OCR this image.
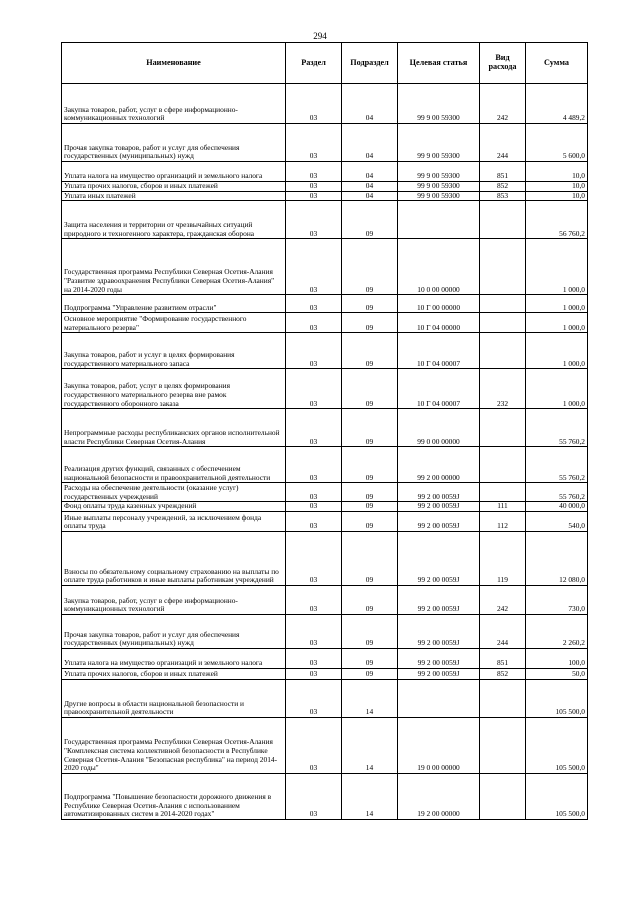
294
Наименование	Раздел	Подраздел	Целевая статья	Вид расхода	Сумма
Закупка товаров, работ, услуг в сфере информационно-коммуникационных технологий	03	04	99 9 00 59300	242	4 489,2
Прочая закупка товаров, работ и услуг для обеспечения государственных (муниципальных) нужд	03	04	99 9 00 59300	244	5 600,0
Уплата налога на имущество организаций и земельного налога	03	04	99 9 00 59300	851	10,0
Уплата прочих налогов, сборов и иных платежей	03	04	99 9 00 59300	852	10,0
Уплата иных платежей	03	04	99 9 00 59300	853	10,0
Защита населения и территории от чрезвычайных ситуаций природного и техногенного характера, гражданская оборона	03	09			56 760,2
Государственная программа Республики Северная Осетия-Алания "Развитие здравоохранения Республики Северная Осетия-Алания" на 2014-2020 годы	03	09	10 0 00 00000		1 000,0
Подпрограмма "Управление развитием отрасли"	03	09	10 Г 00 00000		1 000,0
Основное мероприятие "Формирование государственного материального резерва"	03	09	10 Г 04 00000		1 000,0
Закупка товаров, работ и услуг в целях формирования государственного материального запаса	03	09	10 Г 04 00007		1 000,0
Закупка товаров, работ, услуг в целях формирования государственного материального резерва вне рамок государственного оборонного заказа	03	09	10 Г 04 00007	232	1 000,0
Непрограммные расходы республиканских органов исполнительной власти Республики Северная Осетия-Алания	03	09	99 0 00 00000		55 760,2
Реализация других функций, связанных с обеспечением национальной безопасности и правоохранительной деятельности	03	09	99 2 00 00000		55 760,2
Расходы на обеспечение деятельности (оказание услуг) государственных учреждений	03	09	99 2 00 0059J		55 760,2
Фонд оплаты труда казенных учреждений	03	09	99 2 00 0059J	111	40 000,0
Иные выплаты персоналу учреждений, за исключением фонда оплаты труда	03	09	99 2 00 0059J	112	540,0
Взносы по обязательному социальному страхованию на выплаты по оплате труда работников и иные выплаты работникам учреждений	03	09	99 2 00 0059J	119	12 080,0
Закупка товаров, работ, услуг в сфере информационно-коммуникационных технологий	03	09	99 2 00 0059J	242	730,0
Прочая закупка товаров, работ и услуг для обеспечения государственных (муниципальных) нужд	03	09	99 2 00 0059J	244	2 260,2
Уплата налога на имущество организаций и земельного налога	03	09	99 2 00 0059J	851	100,0
Уплата прочих налогов, сборов и иных платежей	03	09	99 2 00 0059J	852	50,0
Другие вопросы в области национальной безопасности и правоохранительной деятельности	03	14			105 500,0
Государственная программа Республики Северная Осетия-Алания "Комплексная система коллективной безопасности в Республике Северная Осетия-Алания "Безопасная республика" на период 2014-2020 годы"	03	14	19 0 00 00000		105 500,0
Подпрограмма "Повышение безопасности дорожного движения в Республике Северная Осетия-Алания с использованием автоматизированных систем в 2014-2020 годах"	03	14	19 2 00 00000		105 500,0
